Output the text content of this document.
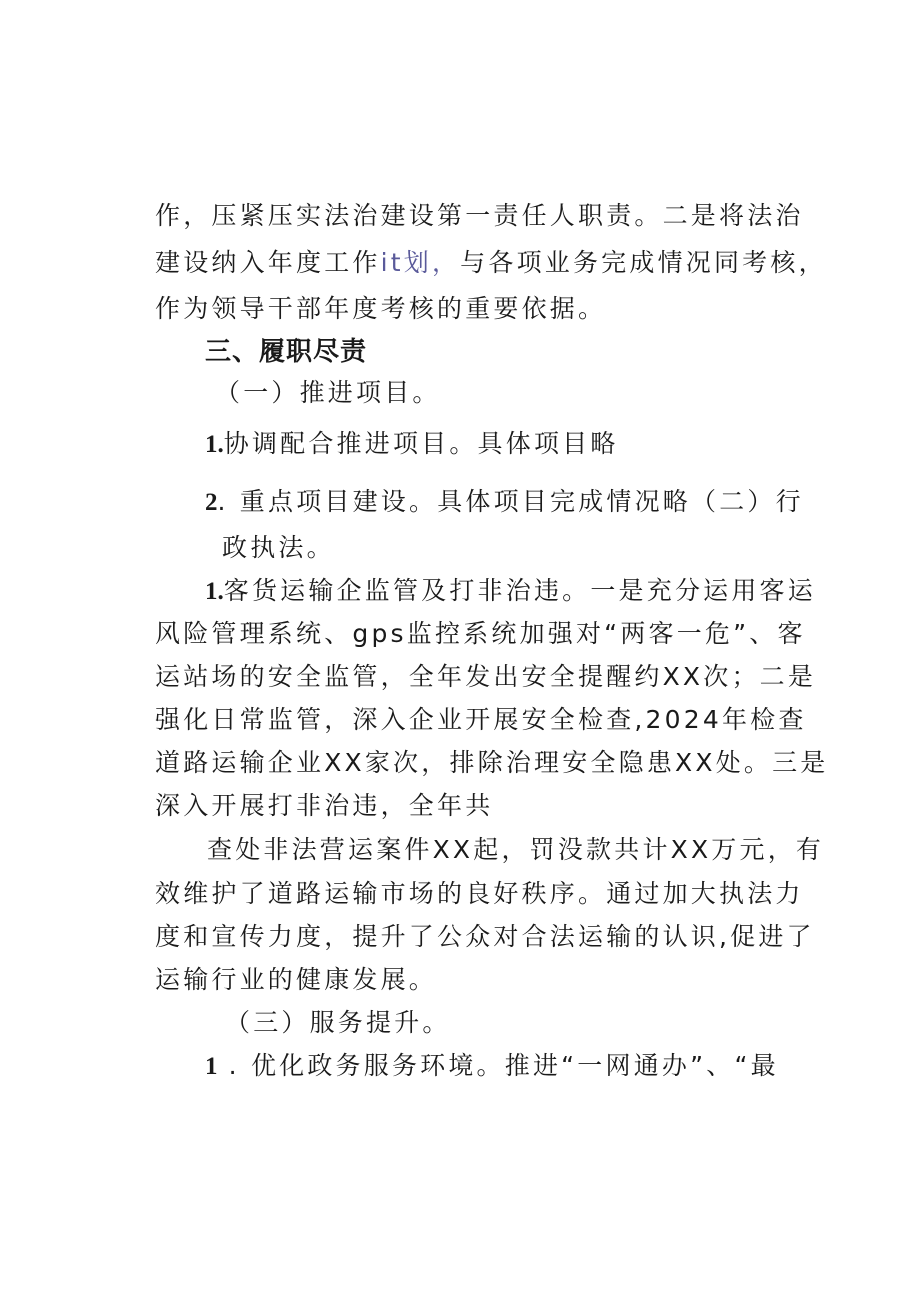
作，压紧压实法治建设第一责任人职责。二是将法治
建设纳入年度工作it划，与各项业务完成情况同考核，
作为领导干部年度考核的重要依据。
三、履职尽责
（一）推进项目。
1.协调配合推进项目。具体项目略
2. 重点项目建设。具体项目完成情况略（二）行
政执法。
1.客货运输企监管及打非治违。一是充分运用客运
风险管理系统、gps监控系统加强对“两客一危”、客
运站场的安全监管，全年发出安全提醒约XX次；二是
强化日常监管，深入企业开展安全检查,2024年检查
道路运输企业XX家次，排除治理安全隐患XX处。三是
深入开展打非治违，全年共
查处非法营运案件XX起，罚没款共计XX万元，有
效维护了道路运输市场的良好秩序。通过加大执法力
度和宣传力度，提升了公众对合法运输的认识,促进了
运输行业的健康发展。
（三）服务提升。
1 . 优化政务服务环境。推进“一网通办”、“最
